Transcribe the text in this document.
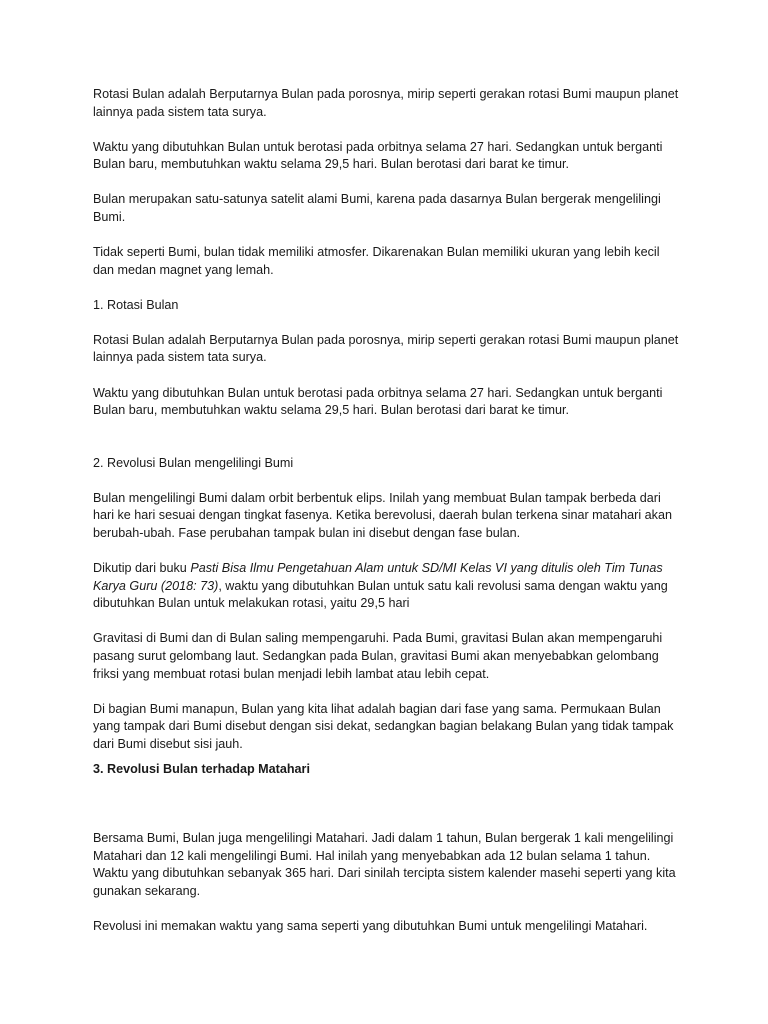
Rotasi Bulan adalah Berputarnya Bulan pada porosnya, mirip seperti gerakan rotasi Bumi maupun planet lainnya pada sistem tata surya.

Waktu yang dibutuhkan Bulan untuk berotasi pada orbitnya selama 27 hari. Sedangkan untuk berganti Bulan baru, membutuhkan waktu selama 29,5 hari. Bulan berotasi dari barat ke timur.

Bulan merupakan satu-satunya satelit alami Bumi, karena pada dasarnya Bulan bergerak mengelilingi Bumi.

Tidak seperti Bumi, bulan tidak memiliki atmosfer. Dikarenakan Bulan memiliki ukuran yang lebih kecil dan medan magnet yang lemah.

1. Rotasi Bulan

Rotasi Bulan adalah Berputarnya Bulan pada porosnya, mirip seperti gerakan rotasi Bumi maupun planet lainnya pada sistem tata surya.

Waktu yang dibutuhkan Bulan untuk berotasi pada orbitnya selama 27 hari. Sedangkan untuk berganti Bulan baru, membutuhkan waktu selama 29,5 hari. Bulan berotasi dari barat ke timur.

2. Revolusi Bulan mengelilingi Bumi

Bulan mengelilingi Bumi dalam orbit berbentuk elips. Inilah yang membuat Bulan tampak berbeda dari hari ke hari sesuai dengan tingkat fasenya. Ketika berevolusi, daerah bulan terkena sinar matahari akan berubah-ubah. Fase perubahan tampak bulan ini disebut dengan fase bulan.

Dikutip dari buku Pasti Bisa Ilmu Pengetahuan Alam untuk SD/MI Kelas VI yang ditulis oleh Tim Tunas Karya Guru (2018: 73), waktu yang dibutuhkan Bulan untuk satu kali revolusi sama dengan waktu yang dibutuhkan Bulan untuk melakukan rotasi, yaitu 29,5 hari

Gravitasi di Bumi dan di Bulan saling mempengaruhi. Pada Bumi, gravitasi Bulan akan mempengaruhi pasang surut gelombang laut. Sedangkan pada Bulan, gravitasi Bumi akan menyebabkan gelombang friksi yang membuat rotasi bulan menjadi lebih lambat atau lebih cepat.

Di bagian Bumi manapun, Bulan yang kita lihat adalah bagian dari fase yang sama. Permukaan Bulan yang tampak dari Bumi disebut dengan sisi dekat, sedangkan bagian belakang Bulan yang tidak tampak dari Bumi disebut sisi jauh.

3. Revolusi Bulan terhadap Matahari

Bersama Bumi, Bulan juga mengelilingi Matahari. Jadi dalam 1 tahun, Bulan bergerak 1 kali mengelilingi Matahari dan 12 kali mengelilingi Bumi. Hal inilah yang menyebabkan ada 12 bulan selama 1 tahun. Waktu yang dibutuhkan sebanyak 365 hari. Dari sinilah tercipta sistem kalender masehi seperti yang kita gunakan sekarang.

Revolusi ini memakan waktu yang sama seperti yang dibutuhkan Bumi untuk mengelilingi Matahari.
